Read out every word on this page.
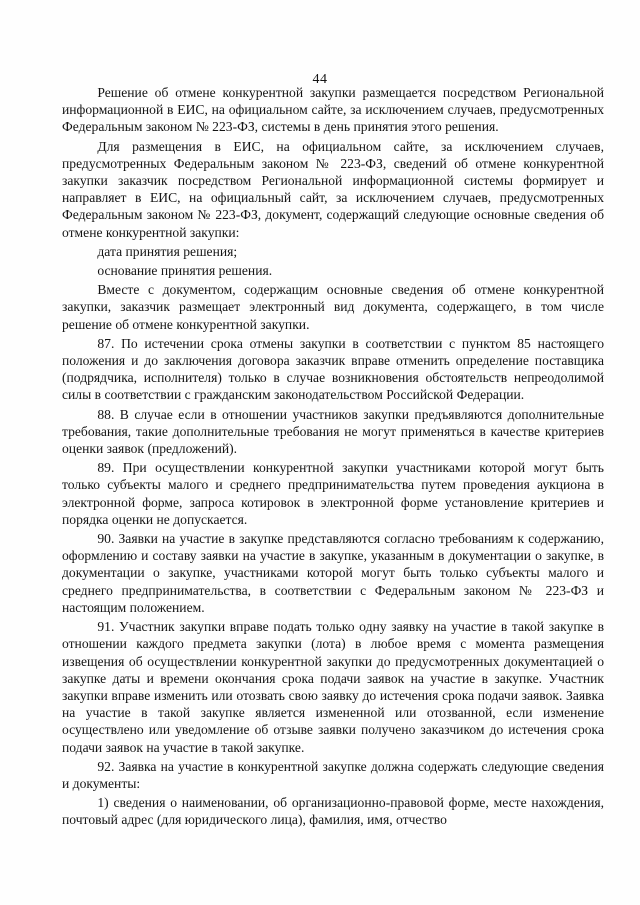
44

Решение об отмене конкурентной закупки размещается посредством Региональной информационной в ЕИС, на официальном сайте, за исключением случаев, предусмотренных Федеральным законом № 223-ФЗ, системы в день принятия этого решения.

Для размещения в ЕИС, на официальном сайте, за исключением случаев, предусмотренных Федеральным законом № 223-ФЗ, сведений об отмене конкурентной закупки заказчик посредством Региональной информационной системы формирует и направляет в ЕИС, на официальный сайт, за исключением случаев, предусмотренных Федеральным законом № 223-ФЗ, документ, содержащий следующие основные сведения об отмене конкурентной закупки:

дата принятия решения;

основание принятия решения.

Вместе с документом, содержащим основные сведения об отмене конкурентной закупки, заказчик размещает электронный вид документа, содержащего, в том числе решение об отмене конкурентной закупки.

87. По истечении срока отмены закупки в соответствии с пунктом 85 настоящего положения и до заключения договора заказчик вправе отменить определение поставщика (подрядчика, исполнителя) только в случае возникновения обстоятельств непреодолимой силы в соответствии с гражданским законодательством Российской Федерации.

88. В случае если в отношении участников закупки предъявляются дополнительные требования, такие дополнительные требования не могут применяться в качестве критериев оценки заявок (предложений).

89. При осуществлении конкурентной закупки участниками которой могут быть только субъекты малого и среднего предпринимательства путем проведения аукциона в электронной форме, запроса котировок в электронной форме установление критериев и порядка оценки не допускается.

90. Заявки на участие в закупке представляются согласно требованиям к содержанию, оформлению и составу заявки на участие в закупке, указанным в документации о закупке, в документации о закупке, участниками которой могут быть только субъекты малого и среднего предпринимательства, в соответствии с Федеральным законом № 223-ФЗ и настоящим положением.

91. Участник закупки вправе подать только одну заявку на участие в такой закупке в отношении каждого предмета закупки (лота) в любое время с момента размещения извещения об осуществлении конкурентной закупки до предусмотренных документацией о закупке даты и времени окончания срока подачи заявок на участие в закупке. Участник закупки вправе изменить или отозвать свою заявку до истечения срока подачи заявок. Заявка на участие в такой закупке является измененной или отозванной, если изменение осуществлено или уведомление об отзыве заявки получено заказчиком до истечения срока подачи заявок на участие в такой закупке.

92. Заявка на участие в конкурентной закупке должна содержать следующие сведения и документы:

1) сведения о наименовании, об организационно-правовой форме, месте нахождения, почтовый адрес (для юридического лица), фамилия, имя, отчество
